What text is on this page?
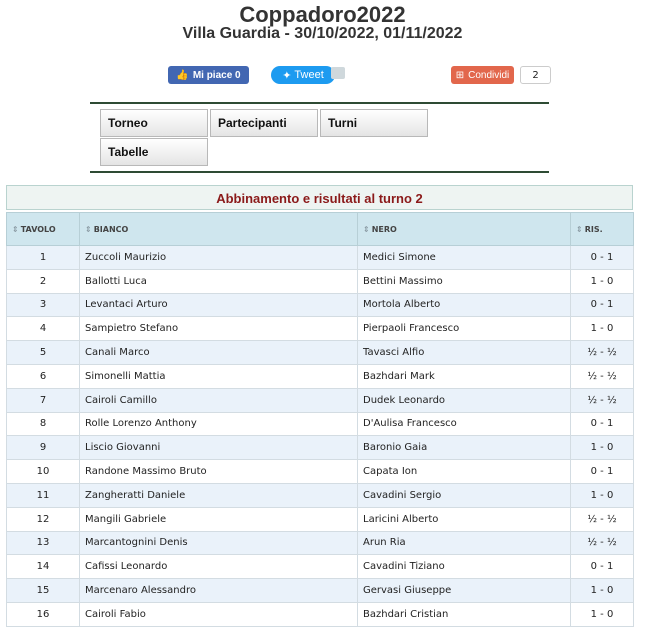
Coppadoro2022
Villa Guardia - 30/10/2022, 01/11/2022
👍 Mi piace 0	✦ Tweet	⊞ Condividi	2
Torneo	Partecipanti	Turni
Tabelle
Abbinamento e risultati al turno 2
⇕ TAVOLO	⇕ BIANCO	⇕ NERO	⇕ RIS.
1	Zuccoli Maurizio	Medici Simone	0 - 1
2	Ballotti Luca	Bettini Massimo	1 - 0
3	Levantaci Arturo	Mortola Alberto	0 - 1
4	Sampietro Stefano	Pierpaoli Francesco	1 - 0
5	Canali Marco	Tavasci Alfio	½ - ½
6	Simonelli Mattia	Bazhdari Mark	½ - ½
7	Cairoli Camillo	Dudek Leonardo	½ - ½
8	Rolle Lorenzo Anthony	D'Aulisa Francesco	0 - 1
9	Liscio Giovanni	Baronio Gaia	1 - 0
10	Randone Massimo Bruto	Capata Ion	0 - 1
11	Zangheratti Daniele	Cavadini Sergio	1 - 0
12	Mangili Gabriele	Laricini Alberto	½ - ½
13	Marcantognini Denis	Arun Ria	½ - ½
14	Cafissi Leonardo	Cavadini Tiziano	0 - 1
15	Marcenaro Alessandro	Gervasi Giuseppe	1 - 0
16	Cairoli Fabio	Bazhdari Cristian	1 - 0
